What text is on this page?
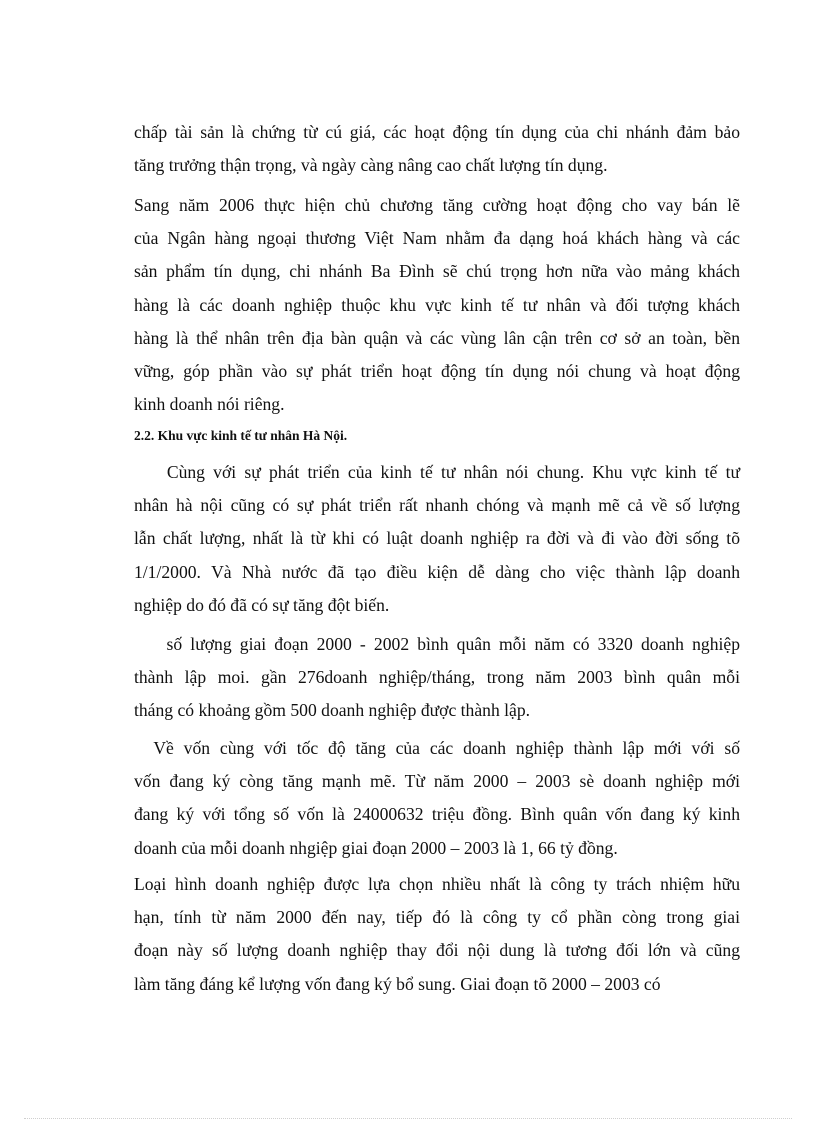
chấp tài sản là chứng từ cú giá, các hoạt động tín dụng của chi nhánh đảm bảo
tăng trưởng thận trọng, và ngày càng nâng cao chất lượng tín dụng.

Sang năm 2006 thực hiện chủ chương tăng cường hoạt động cho vay bán lẽ
của Ngân hàng ngoại thương Việt Nam nhằm đa dạng hoá khách hàng và các
sản phẩm tín dụng, chi nhánh Ba Đình sẽ chú trọng hơn nữa vào mảng khách
hàng là các doanh nghiệp thuộc khu vực kinh tế tư nhân và đối tượng khách
hàng là thể nhân trên địa bàn quận và các vùng lân cận trên cơ sở an toàn, bền
vững, góp phần vào sự phát triển hoạt động tín dụng nói chung và hoạt động
kinh doanh nói riêng.

2.2. Khu vực kinh tế tư nhân Hà Nội.

Cùng với sự phát triển của kinh tế tư nhân nói chung. Khu vực kinh tế tư
nhân hà nội cũng có sự phát triển rất nhanh chóng và mạnh mẽ cả về số lượng
lẫn chất lượng, nhất là từ khi có luật doanh nghiệp ra đời và đi vào đời sống tõ
1/1/2000. Và Nhà nước đã tạo điều kiện dễ dàng cho việc thành lập doanh
nghiệp do đó đã có sự tăng đột biến.

số lượng giai đoạn 2000 - 2002 bình quân mỗi năm có 3320 doanh nghiệp
thành lập moi. gần 276doanh nghiệp/tháng, trong năm 2003 bình quân mỗi
tháng có khoảng gồm 500 doanh nghiệp được thành lập.

Về vốn cùng với tốc độ tăng của các doanh nghiệp thành lập mới với số
vốn đang ký còng tăng mạnh mẽ. Từ năm 2000 – 2003 sè doanh nghiệp mới
đang ký với tổng số vốn là 24000632 triệu đồng. Bình quân vốn đang ký kinh
doanh của mỗi doanh nhgiệp giai đoạn 2000 – 2003 là 1, 66 tỷ đồng.

Loại hình doanh nghiệp được lựa chọn nhiều nhất là công ty trách nhiệm hữu
hạn, tính từ năm 2000 đến nay, tiếp đó là công ty cổ phần còng trong giai
đoạn này số lượng doanh nghiệp thay đổi nội dung là tương đối lớn và cũng
làm tăng đáng kể lượng vốn đang ký bổ sung. Giai đoạn tõ 2000 – 2003 có
